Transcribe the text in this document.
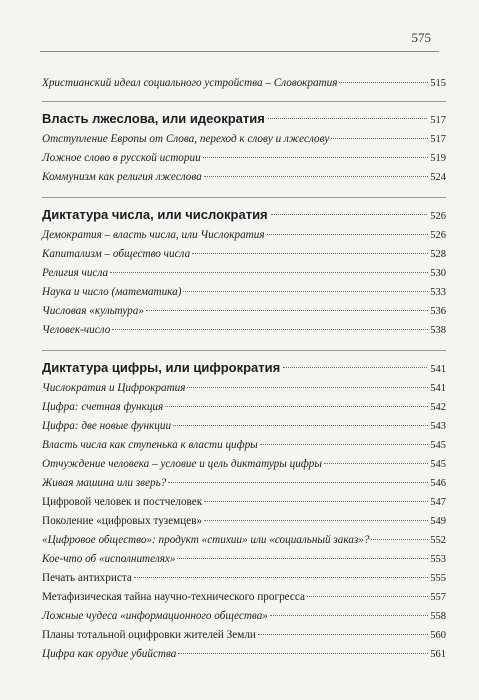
575
Христианский идеал социального устройства – Словократия	515
Власть лжеслова, или идеократия	517
Отступление Европы от Слова, переход к слову и лжеслову	517
Ложное слово в русской истории	519
Коммунизм как религия лжеслова	524
Диктатура числа, или числократия	526
Демократия – власть числа, или Числократия	526
Капитализм – общество числа	528
Религия числа	530
Наука и число (математика)	533
Числовая «культура»	536
Человек-число	538
Диктатура цифры, или цифрократия	541
Числократия и Цифрократия	541
Цифра: счетная функция	542
Цифра: две новые функции	543
Власть числа как ступенька к власти цифры	545
Отчуждение человека – условие и цель диктатуры цифры	545
Живая машина или зверь?	546
Цифровой человек и постчеловек	547
Поколение «цифровых туземцев»	549
«Цифровое общество»: продукт «стихии» или «социальный заказ»?	552
Кое-что об «исполнителях»	553
Печать антихриста	555
Метафизическая тайна научно-технического прогресса	557
Ложные чудеса «информационного общества»	558
Планы тотальной оцифровки жителей Земли	560
Цифра как орудие убийства	561
